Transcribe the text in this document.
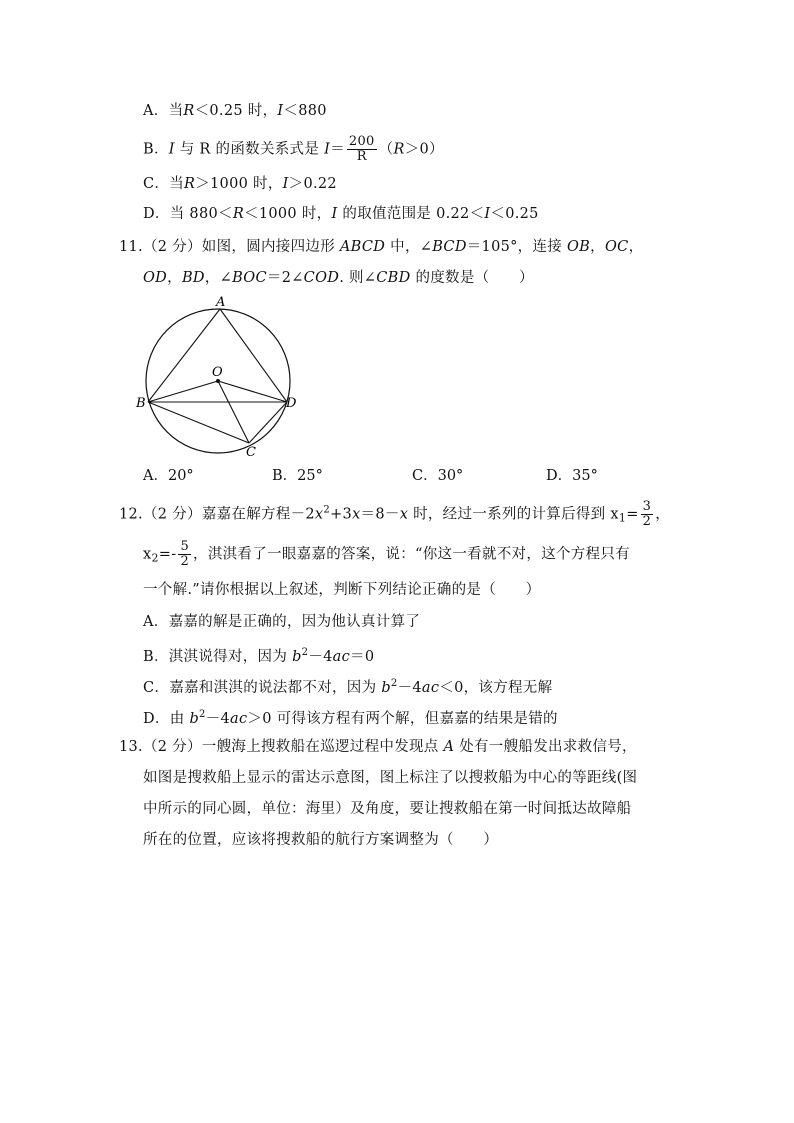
A．当R＜0.25 时，I＜880
B．I 与 R 的函数关系式是 $I= \frac{200}{R} (R>0)$
C．当R＞1000 时，I＞0.22
D．当 880＜R＜1000 时，I 的取值范围是 0.22＜I＜0.25
11.（2 分）如图，圆内接四边形 ABCD 中，∠BCD＝105°，连接 OB，OC，
OD，BD，∠BOC＝2∠COD. 则∠CBD 的度数是（　　）
A
B
C
D
O
A．20°	B．25°	C．30°	D．35°
12.（2 分）嘉嘉在解方程$-2x^2+3x=8-x$ 时，经过一系列的计算后得到 $x_1= \frac{3}{2}$ ，
$x_2=- \frac{5}{2}$ ，淇淇看了一眼嘉嘉的答案，说：“你这一看就不对，这个方程只有
一个解.”请你根据以上叙述，判断下列结论正确的是（　　）
A．嘉嘉的解是正确的，因为他认真计算了
B．淇淇说得对，因为 $b^2-4ac=0$
C．嘉嘉和淇淇的说法都不对，因为 $b^2-4ac<0$，该方程无解
D．由 $b^2-4ac>0$ 可得该方程有两个解，但嘉嘉的结果是错的
13.（2 分）一艘海上搜救船在巡逻过程中发现点 A 处有一艘船发出求救信号，
如图是搜救船上显示的雷达示意图，图上标注了以搜救船为中心的等距线(图
中所示的同心圆，单位：海里）及角度，要让搜救船在第一时间抵达故障船
所在的位置，应该将搜救船的航行方案调整为（　　）
